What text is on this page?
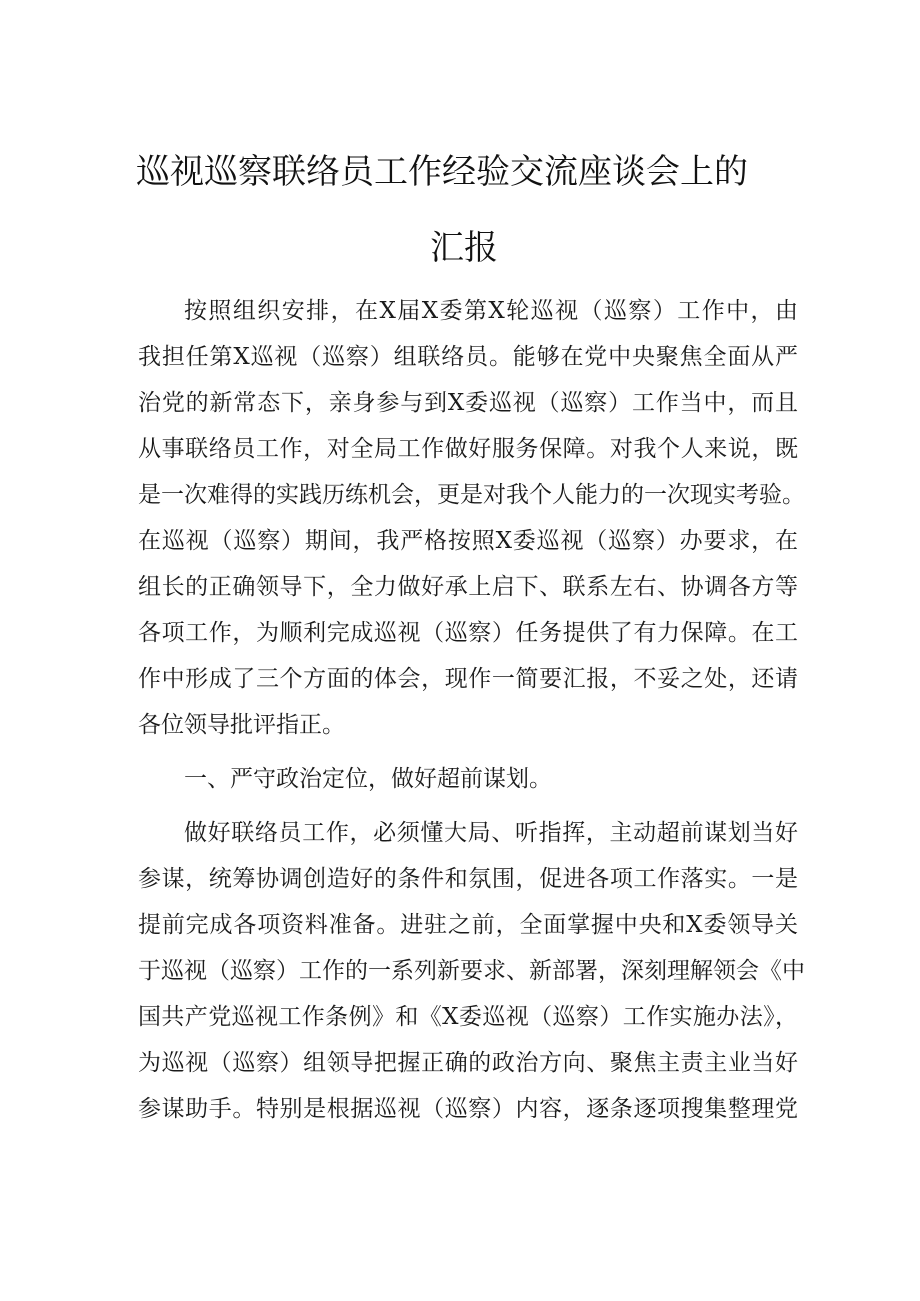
巡视巡察联络员工作经验交流座谈会上的
汇报
按照组织安排，在X届X委第X轮巡视（巡察）工作中，由
我担任第X巡视（巡察）组联络员。能够在党中央聚焦全面从严
治党的新常态下，亲身参与到X委巡视（巡察）工作当中，而且
从事联络员工作，对全局工作做好服务保障。对我个人来说，既
是一次难得的实践历练机会，更是对我个人能力的一次现实考验。
在巡视（巡察）期间，我严格按照X委巡视（巡察）办要求，在
组长的正确领导下，全力做好承上启下、联系左右、协调各方等
各项工作，为顺利完成巡视（巡察）任务提供了有力保障。在工
作中形成了三个方面的体会，现作一简要汇报，不妥之处，还请
各位领导批评指正。
一、严守政治定位，做好超前谋划。
做好联络员工作，必须懂大局、听指挥，主动超前谋划当好
参谋，统筹协调创造好的条件和氛围，促进各项工作落实。一是
提前完成各项资料准备。进驻之前，全面掌握中央和X委领导关
于巡视（巡察）工作的一系列新要求、新部署，深刻理解领会《中
国共产党巡视工作条例》和《X委巡视（巡察）工作实施办法》，
为巡视（巡察）组领导把握正确的政治方向、聚焦主责主业当好
参谋助手。特别是根据巡视（巡察）内容，逐条逐项搜集整理党
